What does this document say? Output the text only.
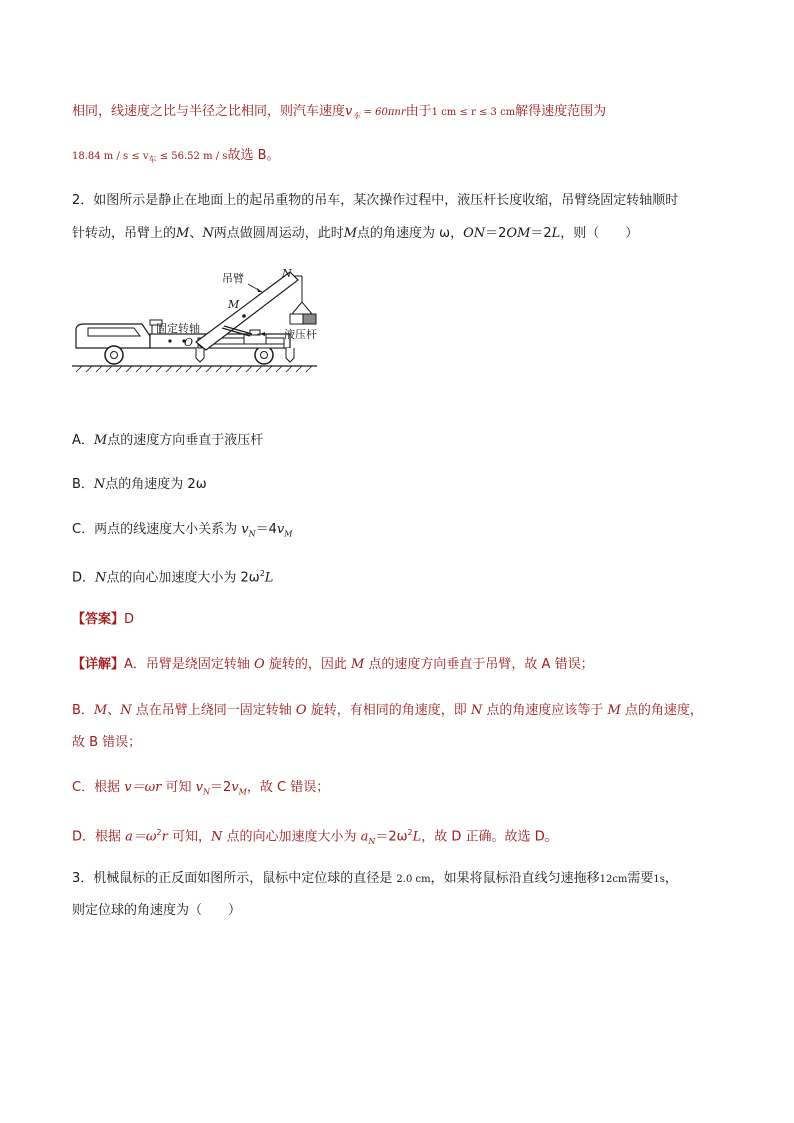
相同，线速度之比与半径之比相同，则汽车速度$v_车 = 60\pi nr$由于1 cm ≤ r ≤ 3 cm解得速度范围为
18.84 $m / s \le v_车 \le 56.52$ m / s故选 B。
2．如图所示是静止在地面上的起吊重物的吊车，某次操作过程中，液压杆长度收缩，吊臂绕固定转轴顺时
针转动，吊臂上的M、N两点做圆周运动，此时M点的角速度为 ω，ON＝2OM＝2L，则（　　）
吊臂	N
M
固定转轴
O
液压杆
A．M点的速度方向垂直于液压杆
B．N点的角速度为 2ω
C．两点的线速度大小关系为 $v_N=4v_M$
D．N点的向心加速度大小为 $2\omega^2L$
【答案】D
【详解】A．吊臂是绕固定转轴 O 旋转的，因此 M 点的速度方向垂直于吊臂，故 A 错误；
B．M、N 点在吊臂上绕同一固定转轴 O 旋转，有相同的角速度，即 N 点的角速度应该等于 M 点的角速度，
故 B 错误；
C．根据 v＝ωr 可知 $v_N=2v_M$，故 C 错误；
D．根据 $a=\omega^2r$ 可知，N 点的向心加速度大小为 $a_N=2\omega^2L$，故 D 正确。故选 D。
3．机械鼠标的正反面如图所示，鼠标中定位球的直径是 2.0 cm，如果将鼠标沿直线匀速拖移12cm需要1s，
则定位球的角速度为（　　）
